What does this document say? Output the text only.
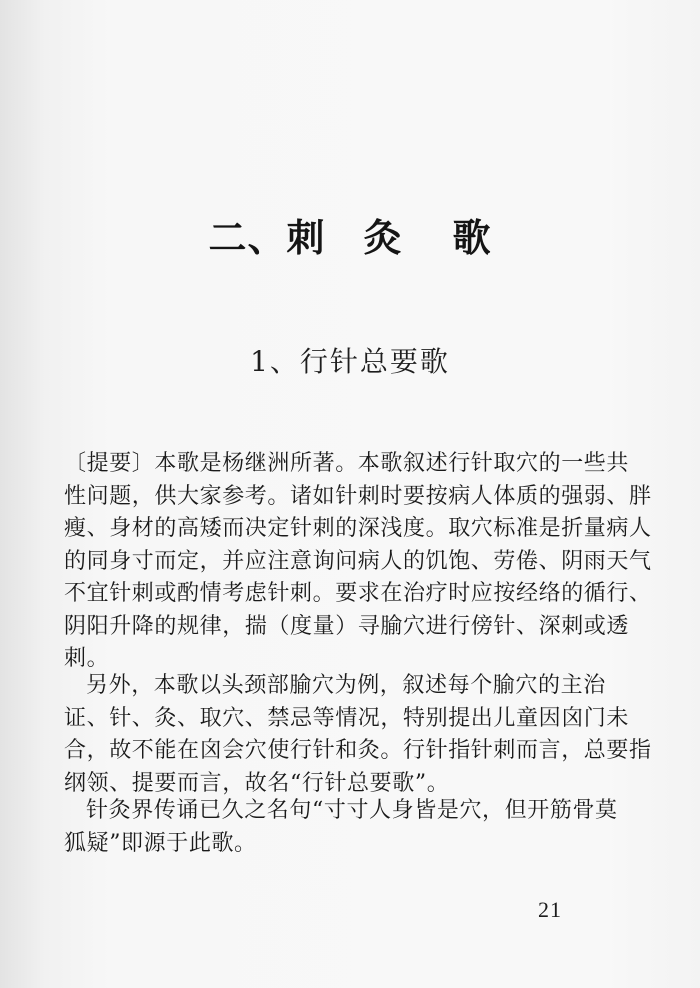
二、刺 灸 歌
1、行针总要歌
〔提要〕本歌是杨继洲所著。本歌叙述行针取穴的一些共
性问题，供大家参考。诸如针刺时要按病人体质的强弱、胖
瘦、身材的高矮而决定针刺的深浅度。取穴标准是折量病人
的同身寸而定，并应注意询问病人的饥饱、劳倦、阴雨天气
不宜针刺或酌情考虑针刺。要求在治疗时应按经络的循行、
阴阳升降的规律，揣（度量）寻腧穴进行傍针、深刺或透
刺。
另外，本歌以头颈部腧穴为例，叙述每个腧穴的主治
证、针、灸、取穴、禁忌等情况，特别提出儿童因囟门未
合，故不能在囟会穴使行针和灸。行针指针刺而言，总要指
纲领、提要而言，故名“行针总要歌”。
针灸界传诵已久之名句“寸寸人身皆是穴，但开筋骨莫
狐疑”即源于此歌。
21
